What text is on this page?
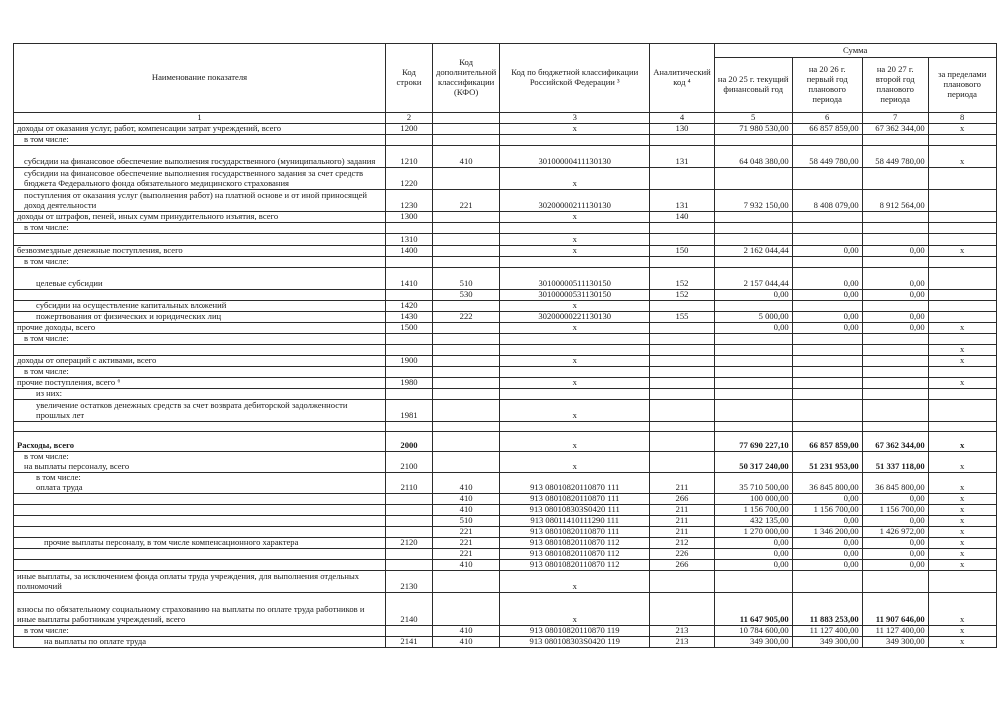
Наименование показателя	Код строки	Код дополнительной классификации (КФО)	Код по бюджетной классификации Российской Федерации ³	Аналитический код ⁴	Сумма			
					на 20 25 г. текущий финансовый год	на 20 26 г. первый год планового периода	на 20 27 г. второй год планового периода	за пределами планового периода
1	2		3	4	5	6	7	8
доходы от оказания услуг, работ, компенсации затрат учреждений, всего	1200		х	130	71 980 530,00	66 857 859,00	67 362 344,00	х
в том числе:								
субсидии на финансовое обеспечение выполнения государственного (муниципального) задания	1210	410	30100000411130130	131	64 048 380,00	58 449 780,00	58 449 780,00	х
субсидии на финансовое обеспечение выполнения государственного задания за счет средств бюджета Федерального фонда обязательного медицинского страхования	1220		х					
поступления от оказания услуг (выполнения работ) на платной основе и от иной приносящей доход деятельности	1230	221	30200000211130130	131	7 932 150,00	8 408 079,00	8 912 564,00	
доходы от штрафов, пеней, иных сумм принудительного изъятия, всего	1300		х	140				
в том числе:								
	1310		х					
безвозмездные денежные поступления, всего	1400		х	150	2 162 044,44	0,00	0,00	х
в том числе:								
целевые субсидии	1410	510	30100000511130150	152	2 157 044,44	0,00	0,00	
		530	30100000531130150	152	0,00	0,00	0,00	
субсидии на осуществление капитальных вложений	1420		х					
пожертвования от физических и юридических лиц	1430	222	30200000221130130	155	5 000,00	0,00	0,00	
прочие доходы, всего	1500		х		0,00	0,00	0,00	х
в том числе:								
								х
доходы от операций с активами, всего	1900		х					х
в том числе:								
прочие поступления, всего ⁶	1980		х					х
из них:								
увеличение остатков денежных средств за счет возврата дебиторской задолженности прошлых лет	1981		х					

Расходы, всего	2000		х		77 690 227,10	66 857 859,00	67 362 344,00	х
в том числе:
на выплаты персоналу, всего	2100		х		50 317 240,00	51 231 953,00	51 337 118,00	х
в том числе:
оплата труда	2110	410	913 08010820110870 111	211	35 710 500,00	36 845 800,00	36 845 800,00	х
		410	913 08010820110870 111	266	100 000,00	0,00	0,00	х
		410	913 080108303S0420 111	211	1 156 700,00	1 156 700,00	1 156 700,00	х
		510	913 08011410111290 111	211	432 135,00	0,00	0,00	х
		221	913 08010820110870 111	211	1 270 000,00	1 346 200,00	1 426 972,00	х
прочие выплаты персоналу, в том числе компенсационного характера	2120	221	913 08010820110870 112	212	0,00	0,00	0,00	х
		221	913 08010820110870 112	226	0,00	0,00	0,00	х
		410	913 08010820110870 112	266	0,00	0,00	0,00	х
иные выплаты, за исключением фонда оплаты труда учреждения, для выполнения отдельных полномочий	2130		х					
взносы по обязательному социальному страхованию на выплаты по оплате труда работников и иные выплаты работникам учреждений, всего	2140		х		11 647 905,00	11 883 253,00	11 907 646,00	х
в том числе:		410	913 08010820110870 119	213	10 784 600,00	11 127 400,00	11 127 400,00	х
на выплаты по оплате труда	2141	410	913 080108303S0420 119	213	349 300,00	349 300,00	349 300,00	х
